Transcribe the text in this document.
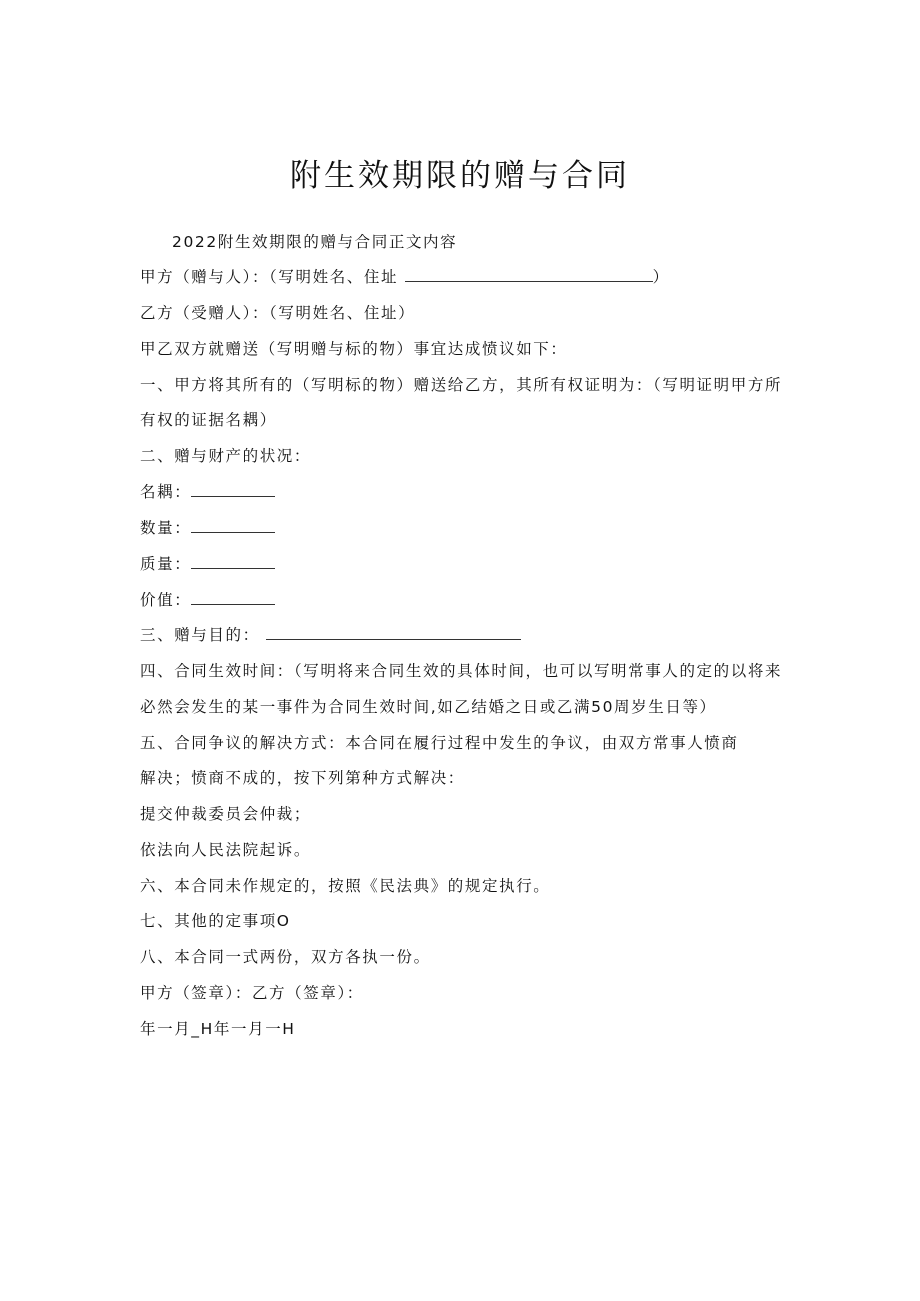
附生效期限的赠与合同
2022附生效期限的赠与合同正文内容
甲方（赠与人）：（写明姓名、住址	）
乙方（受赠人）：（写明姓名、住址）
甲乙双方就赠送（写明赠与标的物）事宜达成愤议如下：
一、甲方将其所有的（写明标的物）赠送给乙方，其所有权证明为：（写明证明甲方所
有权的证据名耦）
二、赠与财产的状况：
名耦：
数量：
质量：
价值：
三、赠与目的：
四、合同生效时间：（写明将来合同生效的具体时间，也可以写明常事人的定的以将来
必然会发生的某一事件为合同生效时间,如乙结婚之日或乙满50周岁生日等）
五、合同争议的解决方式：本合同在履行过程中发生的争议，由双方常事人愤商
解决；愤商不成的，按下列第种方式解决：
提交仲裁委员会仲裁；
依法向人民法院起诉。
六、本合同未作规定的，按照《民法典》的规定执行。
七、其他的定事项O
八、本合同一式两份，双方各执一份。
甲方（签章）：乙方（签章）：
年一月_H年一月一H
